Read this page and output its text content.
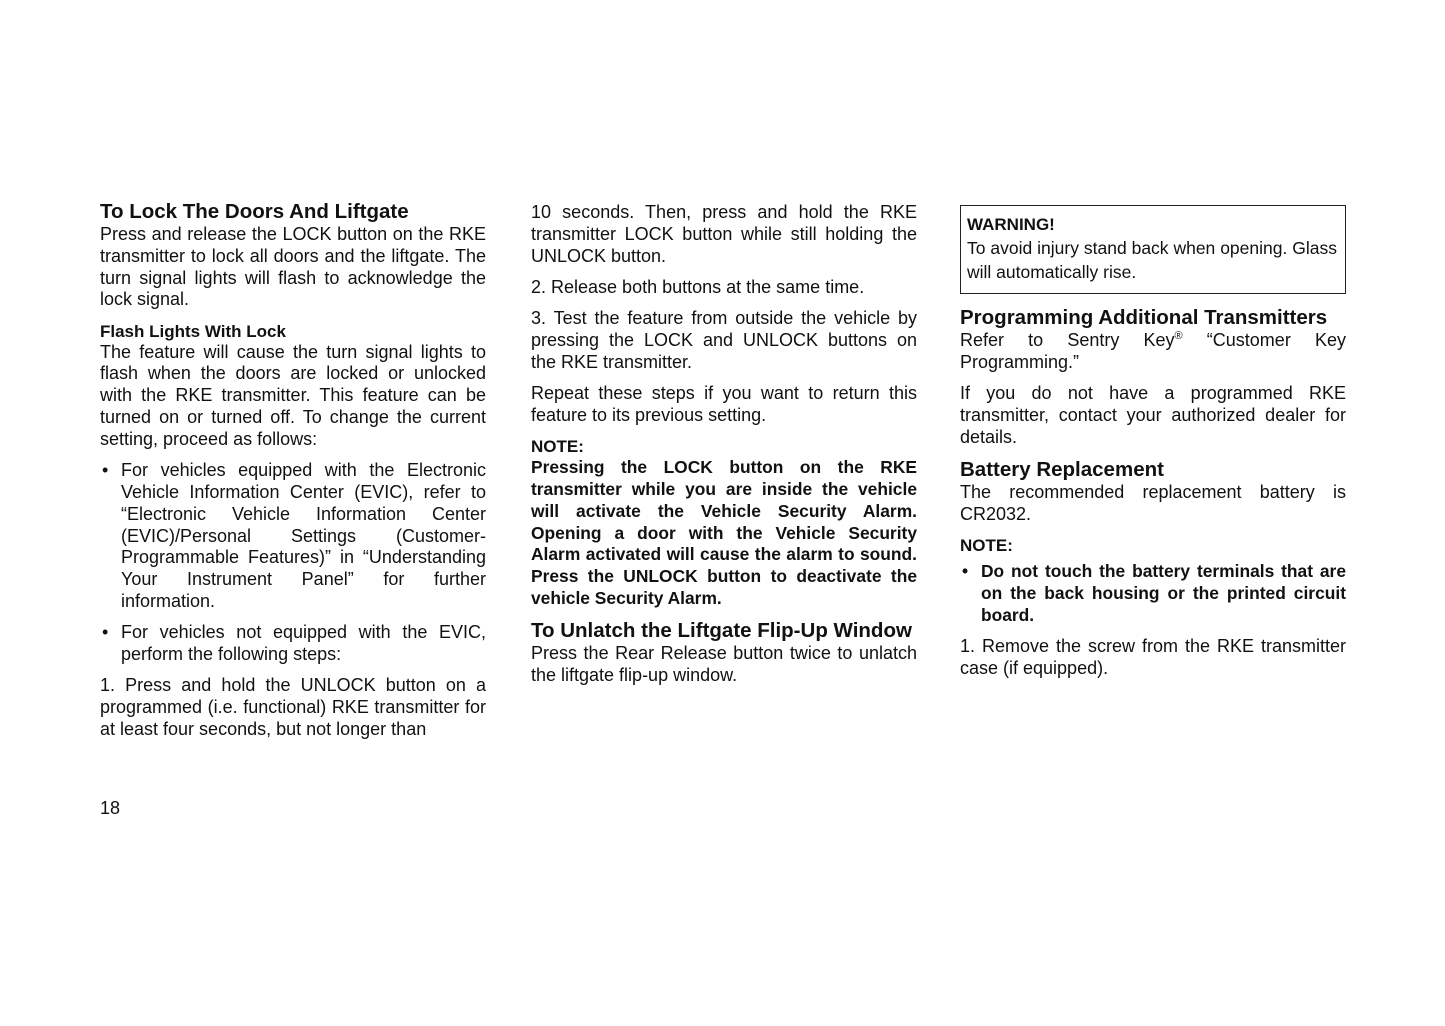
To Lock The Doors And Liftgate

Press and release the LOCK button on the RKE transmitter to lock all doors and the liftgate. The turn signal lights will flash to acknowledge the lock signal.

Flash Lights With Lock

The feature will cause the turn signal lights to flash when the doors are locked or unlocked with the RKE transmitter. This feature can be turned on or turned off. To change the current setting, proceed as follows:

• For vehicles equipped with the Electronic Vehicle Information Center (EVIC), refer to “Electronic Vehicle Information Center (EVIC)/Personal Settings (Customer-Programmable Features)” in “Understanding Your Instrument Panel” for further information.
• For vehicles not equipped with the EVIC, perform the following steps:

1. Press and hold the UNLOCK button on a programmed (i.e. functional) RKE transmitter for at least four seconds, but not longer than

10 seconds. Then, press and hold the RKE transmitter LOCK button while still holding the UNLOCK button.

2. Release both buttons at the same time.

3. Test the feature from outside the vehicle by pressing the LOCK and UNLOCK buttons on the RKE transmitter.

Repeat these steps if you want to return this feature to its previous setting.

NOTE:

Pressing the LOCK button on the RKE transmitter while you are inside the vehicle will activate the Vehicle Security Alarm. Opening a door with the Vehicle Security Alarm activated will cause the alarm to sound. Press the UNLOCK button to deactivate the vehicle Security Alarm.

To Unlatch the Liftgate Flip-Up Window

Press the Rear Release button twice to unlatch the liftgate flip-up window.

WARNING!
To avoid injury stand back when opening. Glass will automatically rise.
Programming Additional Transmitters

Refer to Sentry Key® “Customer Key Programming.”

If you do not have a programmed RKE transmitter, contact your authorized dealer for details.

Battery Replacement

The recommended replacement battery is CR2032.

NOTE:
• Do not touch the battery terminals that are on the back housing or the printed circuit board.

1. Remove the screw from the RKE transmitter case (if equipped).

18
